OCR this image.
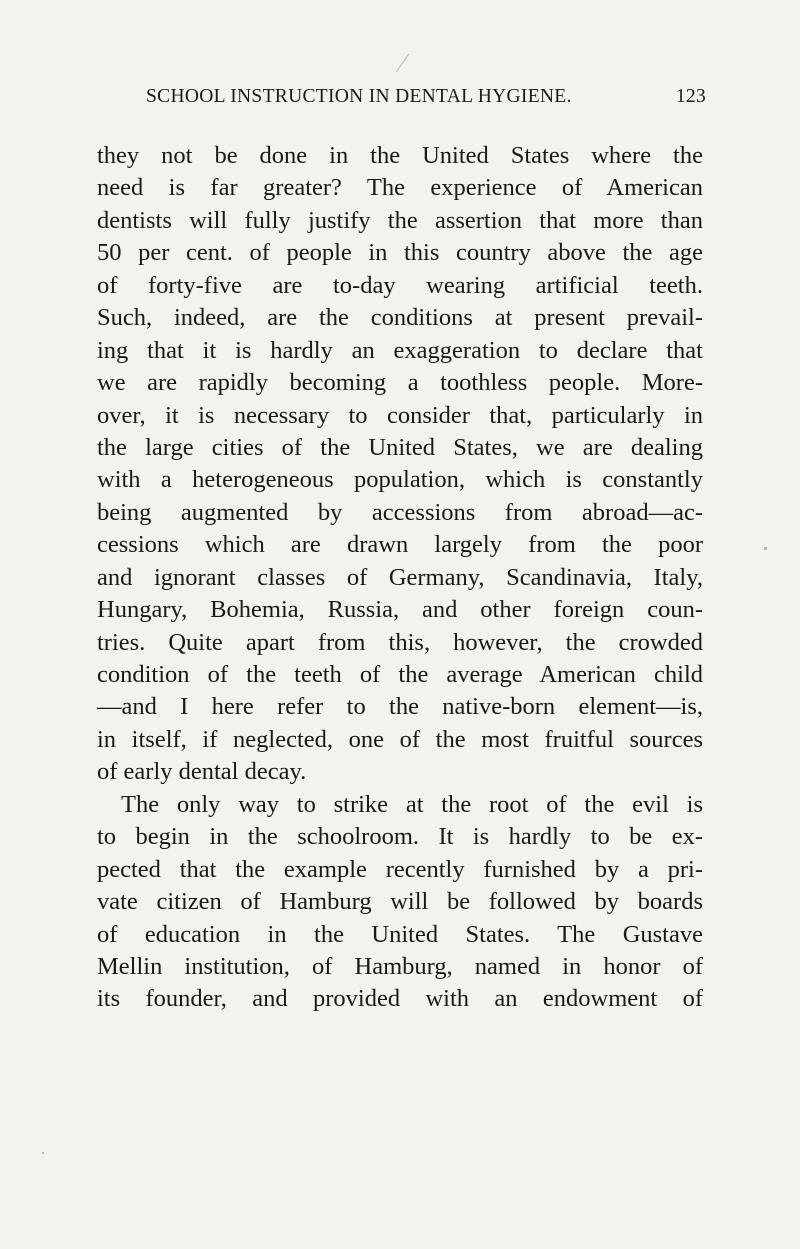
SCHOOL INSTRUCTION IN DENTAL HYGIENE.	123
they not be done in the United States where the
need is far greater? The experience of American
dentists will fully justify the assertion that more than
50 per cent. of people in this country above the age
of forty-five are to-day wearing artificial teeth.
Such, indeed, are the conditions at present prevail-
ing that it is hardly an exaggeration to declare that
we are rapidly becoming a toothless people. More-
over, it is necessary to consider that, particularly in
the large cities of the United States, we are dealing
with a heterogeneous population, which is constantly
being augmented by accessions from abroad—ac-
cessions which are drawn largely from the poor
and ignorant classes of Germany, Scandinavia, Italy,
Hungary, Bohemia, Russia, and other foreign coun-
tries. Quite apart from this, however, the crowded
condition of the teeth of the average American child
—and I here refer to the native-born element—is,
in itself, if neglected, one of the most fruitful sources
of early dental decay.
The only way to strike at the root of the evil is
to begin in the schoolroom. It is hardly to be ex-
pected that the example recently furnished by a pri-
vate citizen of Hamburg will be followed by boards
of education in the United States. The Gustave
Mellin institution, of Hamburg, named in honor of
its founder, and provided with an endowment of
